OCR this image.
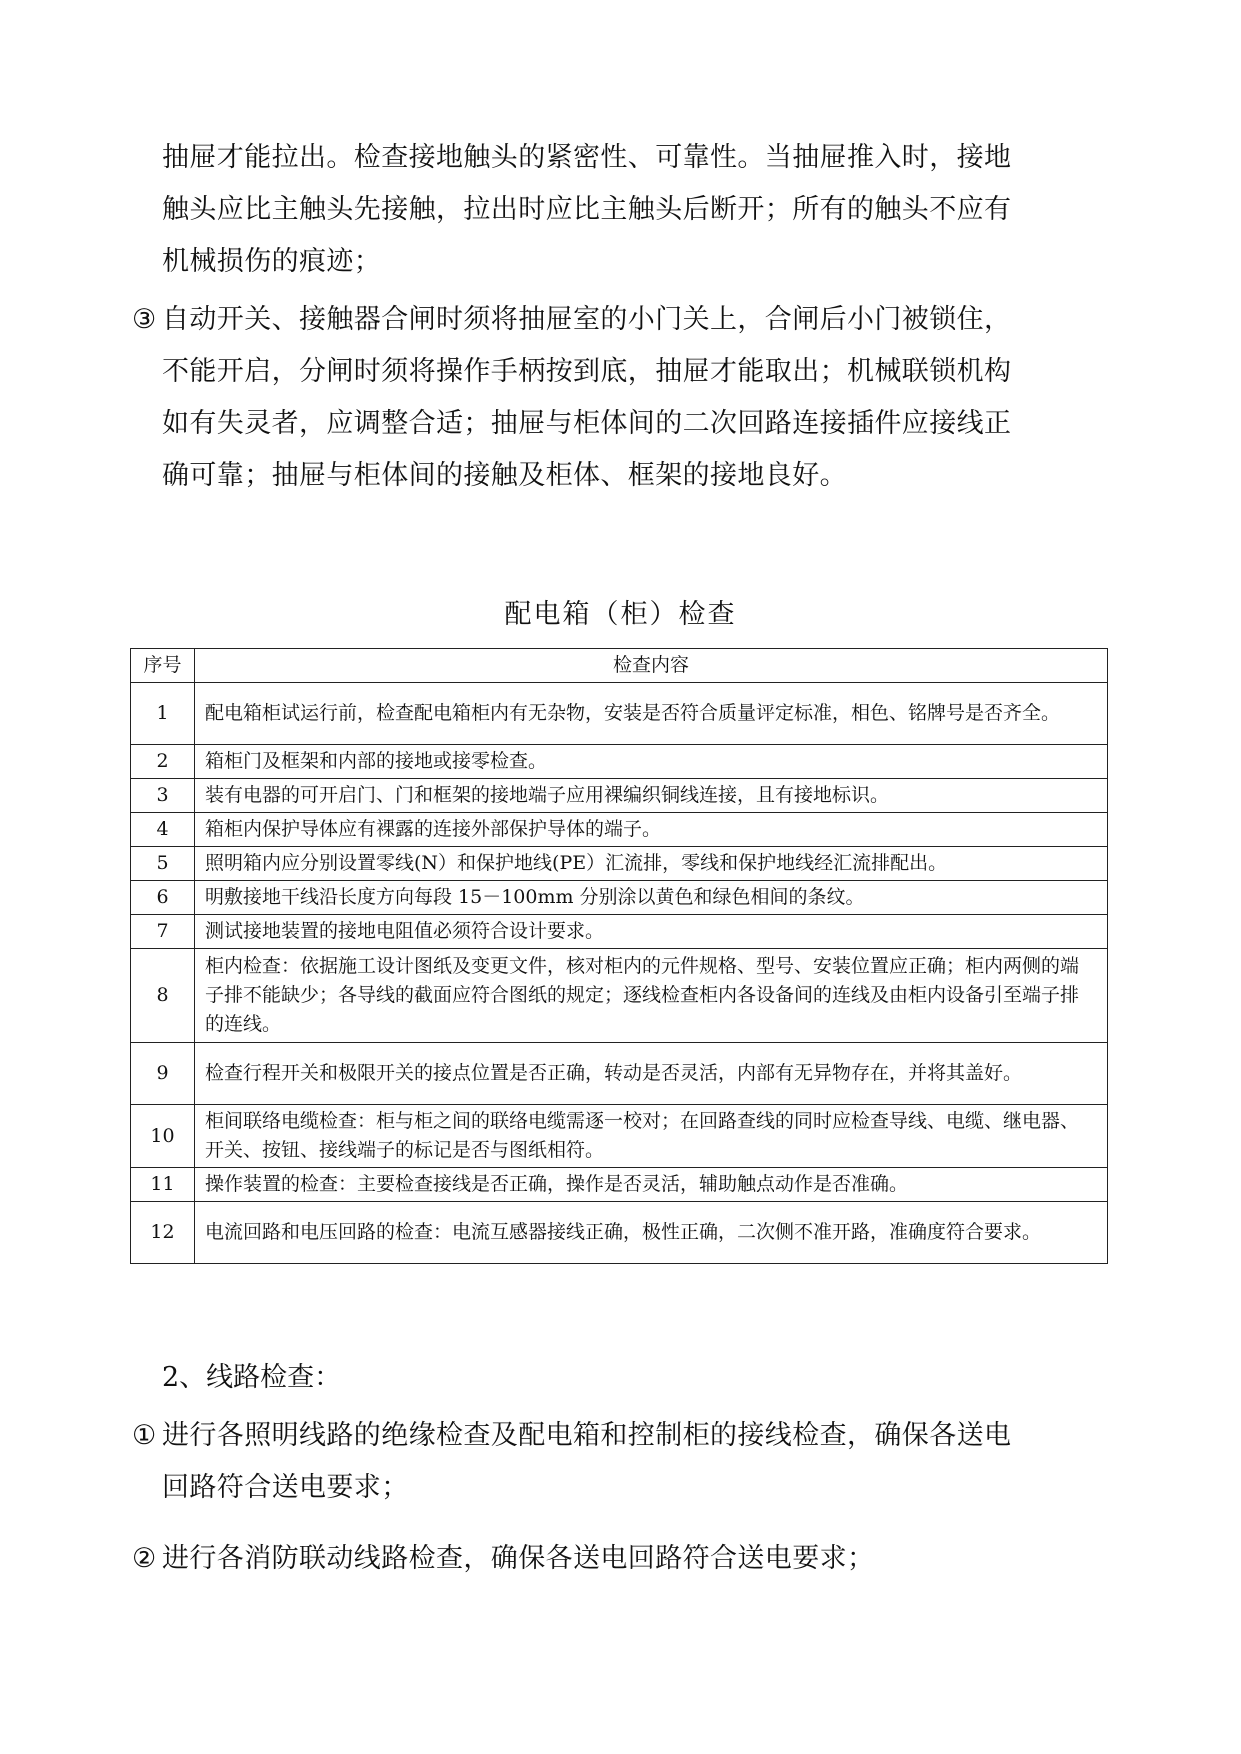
抽屉才能拉出。检查接地触头的紧密性、可靠性。当抽屉推入时，接地
触头应比主触头先接触，拉出时应比主触头后断开；所有的触头不应有
机械损伤的痕迹；
③ 自动开关、接触器合闸时须将抽屉室的小门关上，合闸后小门被锁住，
不能开启，分闸时须将操作手柄按到底，抽屉才能取出；机械联锁机构
如有失灵者，应调整合适；抽屉与柜体间的二次回路连接插件应接线正
确可靠；抽屉与柜体间的接触及柜体、框架的接地良好。
配电箱（柜）检查
序号	检查内容
1	配电箱柜试运行前，检查配电箱柜内有无杂物，安装是否符合质量评定标准，相色、铭牌号是否齐全。
2	箱柜门及框架和内部的接地或接零检查。
3	装有电器的可开启门、门和框架的接地端子应用裸编织铜线连接，且有接地标识。
4	箱柜内保护导体应有裸露的连接外部保护导体的端子。
5	照明箱内应分别设置零线(N）和保护地线(PE）汇流排，零线和保护地线经汇流排配出。
6	明敷接地干线沿长度方向每段 15－100mm 分别涂以黄色和绿色相间的条纹。
7	测试接地装置的接地电阻值必须符合设计要求。
8	柜内检查：依据施工设计图纸及变更文件，核对柜内的元件规格、型号、安装位置应正确；柜内两侧的端子排不能缺少；各导线的截面应符合图纸的规定；逐线检查柜内各设备间的连线及由柜内设备引至端子排的连线。
9	检查行程开关和极限开关的接点位置是否正确，转动是否灵活，内部有无异物存在，并将其盖好。
10	柜间联络电缆检查：柜与柜之间的联络电缆需逐一校对；在回路查线的同时应检查导线、电缆、继电器、开关、按钮、接线端子的标记是否与图纸相符。
11	操作装置的检查：主要检查接线是否正确，操作是否灵活，辅助触点动作是否准确。
12	电流回路和电压回路的检查：电流互感器接线正确，极性正确，二次侧不准开路，准确度符合要求。
2、线路检查：
① 进行各照明线路的绝缘检查及配电箱和控制柜的接线检查，确保各送电
回路符合送电要求；
② 进行各消防联动线路检查，确保各送电回路符合送电要求；
